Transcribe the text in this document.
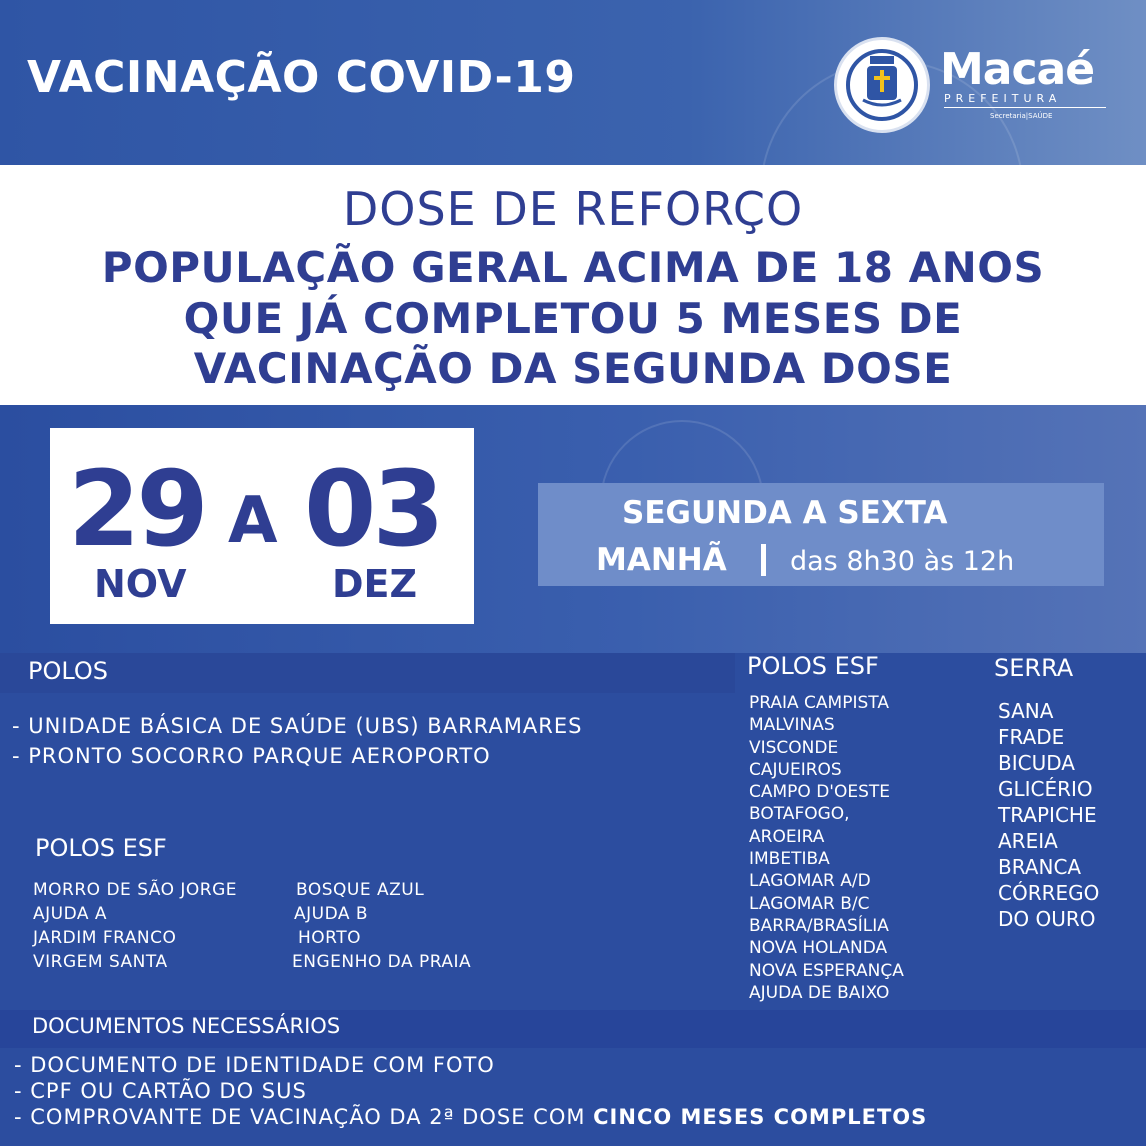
VACINAÇÃO COVID-19	Macaé
PREFEITURA
Secretaria|SAÚDE
DOSE DE REFORÇO
POPULAÇÃO GERAL ACIMA DE 18 ANOS
QUE JÁ COMPLETOU 5 MESES DE
VACINAÇÃO DA SEGUNDA DOSE
29 A 03
NOV	DEZ
SEGUNDA A SEXTA
MANHÃ das 8h30 às 12h
POLOS
- UNIDADE BÁSICA DE SAÚDE (UBS) BARRAMARES
- PRONTO SOCORRO PARQUE AEROPORTO
POLOS ESF
MORRO DE SÃO JORGE
AJUDA A
JARDIM FRANCO
VIRGEM SANTA
BOSQUE AZUL
AJUDA B
HORTO
ENGENHO DA PRAIA
POLOS ESF
PRAIA CAMPISTA
MALVINAS
VISCONDE
CAJUEIROS
CAMPO D'OESTE
BOTAFOGO,
AROEIRA
IMBETIBA
LAGOMAR A/D
LAGOMAR B/C
BARRA/BRASÍLIA
NOVA HOLANDA
NOVA ESPERANÇA
AJUDA DE BAIXO
SERRA
SANA
FRADE
BICUDA
GLICÉRIO
TRAPICHE
AREIA
BRANCA
CÓRREGO
DO OURO
DOCUMENTOS NECESSÁRIOS
- DOCUMENTO DE IDENTIDADE COM FOTO
- CPF OU CARTÃO DO SUS
- COMPROVANTE DE VACINAÇÃO DA 2ª DOSE COM CINCO MESES COMPLETOS
